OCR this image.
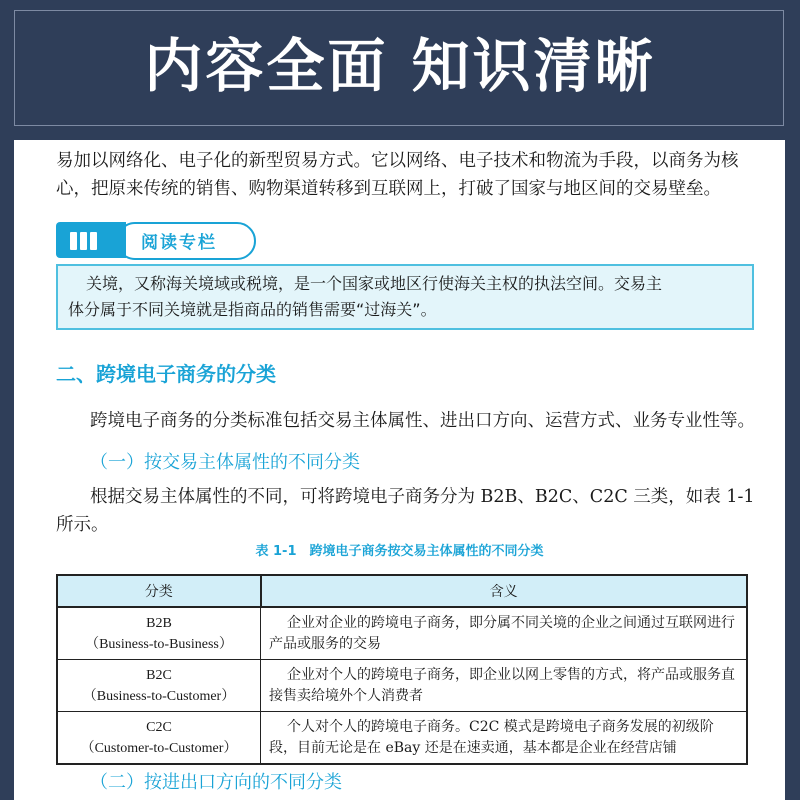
内容全面 知识清晰
易加以网络化、电子化的新型贸易方式。它以网络、电子技术和物流为手段，以商务为核
心，把原来传统的销售、购物渠道转移到互联网上，打破了国家与地区间的交易壁垒。
阅读专栏
关境，又称海关境域或税境，是一个国家或地区行使海关主权的执法空间。交易主
体分属于不同关境就是指商品的销售需要“过海关”。
二、跨境电子商务的分类
跨境电子商务的分类标准包括交易主体属性、进出口方向、运营方式、业务专业性等。
（一）按交易主体属性的不同分类
根据交易主体属性的不同，可将跨境电子商务分为 B2B、B2C、C2C 三类，如表 1-1
所示。
表 1-1　跨境电子商务按交易主体属性的不同分类
分类	含义

B2B
（Business-to-Business）	企业对企业的跨境电子商务，即分属不同关境的企业之间通过互联网进行产品或服务的交易

B2C
（Business-to-Customer）	企业对个人的跨境电子商务，即企业以网上零售的方式，将产品或服务直接售卖给境外个人消费者

C2C
（Customer-to-Customer）	个人对个人的跨境电子商务。C2C 模式是跨境电子商务发展的初级阶段，目前无论是在 eBay 还是在速卖通，基本都是企业在经营店铺
（二）按进出口方向的不同分类
